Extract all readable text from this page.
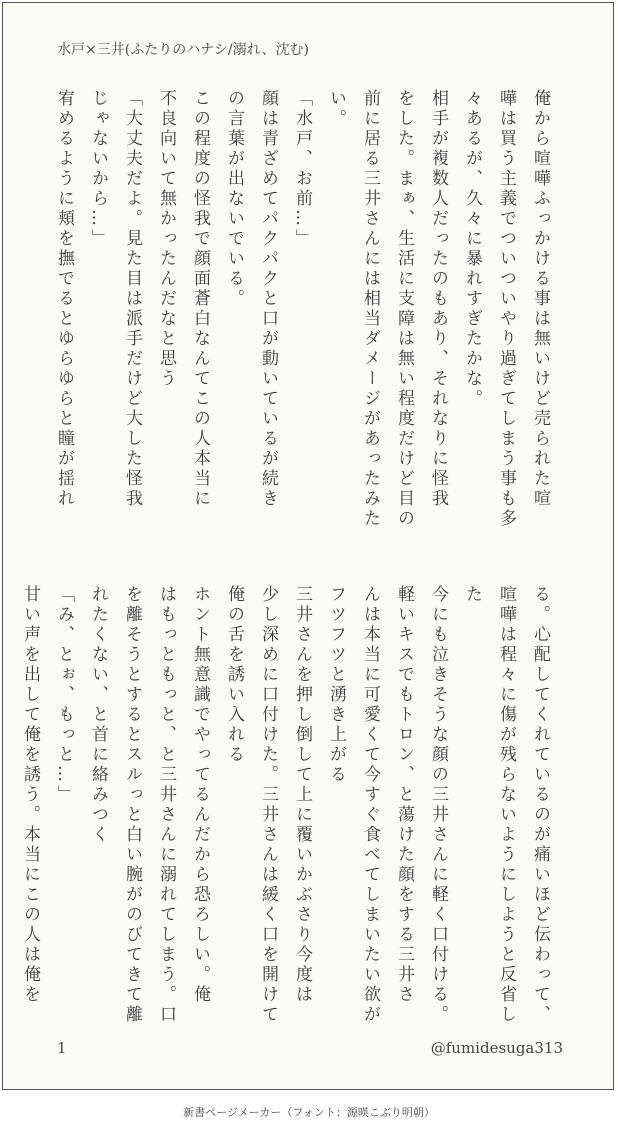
水戸×三井(ふたりのハナシ/溺れ、沈む)
俺から喧嘩ふっかける事は無いけど売られた喧
嘩は買う主義でついついやり過ぎてしまう事も多
々あるが、久々に暴れすぎたかな。
相手が複数人だったのもあり、それなりに怪我
をした。まぁ、生活に支障は無い程度だけど目の
前に居る三井さんには相当ダメージがあったみた
い。
「水戸、お前…」
顔は青ざめてパクパクと口が動いているが続き
の言葉が出ないでいる。
この程度の怪我で顔面蒼白なんてこの人本当に
不良向いて無かったんだなと思う
「大丈夫だよ。見た目は派手だけど大した怪我
じゃないから…」
宥めるように頬を撫でるとゆらゆらと瞳が揺れ
る。心配してくれているのが痛いほど伝わって、
喧嘩は程々に傷が残らないようにしようと反省し
た
今にも泣きそうな顔の三井さんに軽く口付ける。
軽いキスでもトロン、と蕩けた顔をする三井さ
んは本当に可愛くて今すぐ食べてしまいたい欲が
フツフツと湧き上がる
三井さんを押し倒して上に覆いかぶさり今度は
少し深めに口付けた。三井さんは緩く口を開けて
俺の舌を誘い入れる
ホント無意識でやってるんだから恐ろしい。俺
はもっともっと、と三井さんに溺れてしまう。口
を離そうとするとスルっと白い腕がのびてきて離
れたくない、と首に絡みつく
「み、とぉ、もっと…」
甘い声を出して俺を誘う。本当にこの人は俺を
1	@fumidesuga313
新書ページメーカー（フォント：源暎こぶり明朝）
